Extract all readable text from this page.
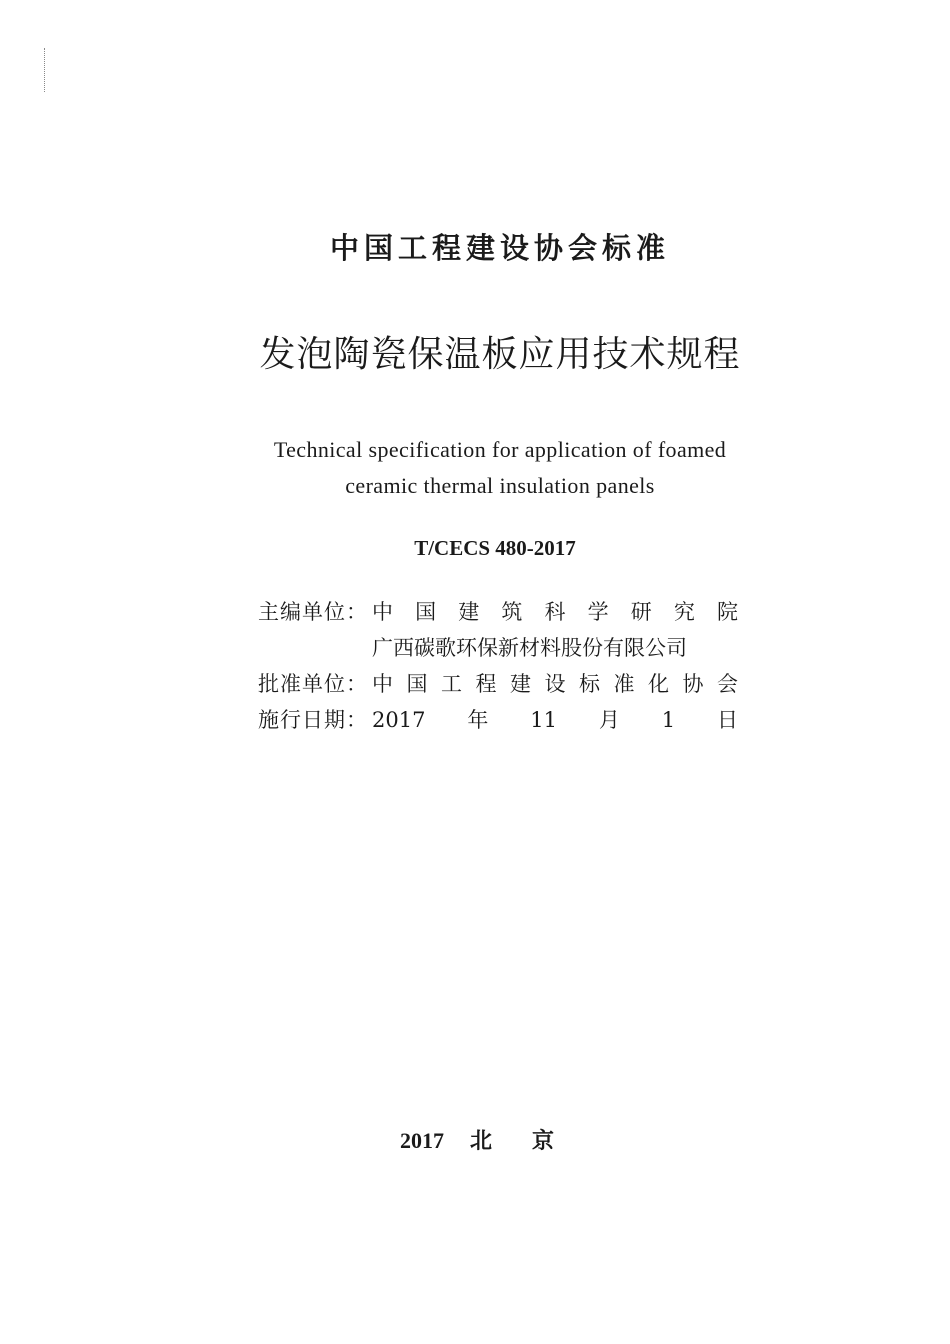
中国工程建设协会标准
发泡陶瓷保温板应用技术规程
Technical specification for application of foamed
ceramic thermal insulation panels
T/CECS 480-2017
主编单位： 中国建筑科学研究院
广西碳歌环保新材料股份有限公司
批准单位： 中国工程建设标准化协会
施行日期： 2017年11月1日
2017 北京
